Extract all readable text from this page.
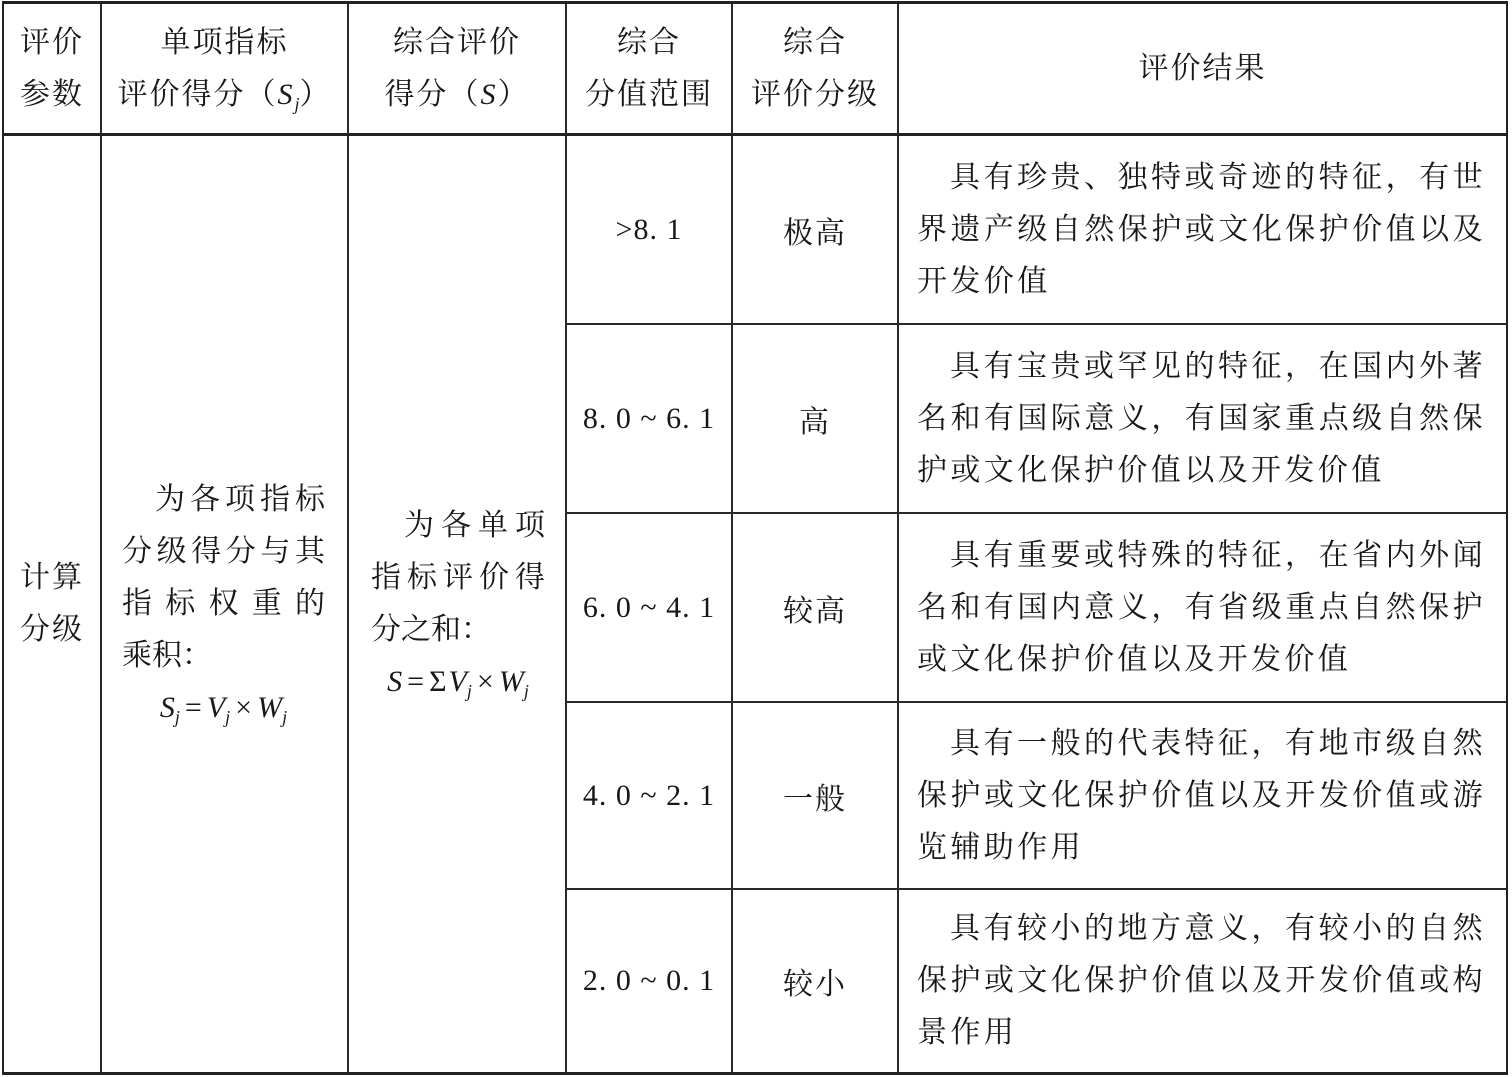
评价
参数
单项指标
评价得分$(S_j)$
综合评价
得分（S）
综合
分值范围
综合
评价分级
评价结果
计算
分级
为各项指标
分级得分与其
指标权重的
乘积：
$S_j = V_j \times W_j$
为各单项
指标评价得
分之和：
$S = \Sigma V_j \times W_j$
>8. 1	极高
具有珍贵、独特或奇迹的特征，有世界遗产级自然保护或文化保护价值以及开发价值
8. 0 ~ 6. 1	高
具有宝贵或罕见的特征，在国内外著名和有国际意义，有国家重点级自然保护或文化保护价值以及开发价值
6. 0 ~ 4. 1 较高
具有重要或特殊的特征，在省内外闻名和有国内意义，有省级重点自然保护或文化保护价值以及开发价值
4. 0 ~ 2. 1 一般
具有一般的代表特征，有地市级自然保护或文化保护价值以及开发价值或游览辅助作用
2. 0 ~ 0. 1 较小
具有较小的地方意义，有较小的自然保护或文化保护价值以及开发价值或构景作用
